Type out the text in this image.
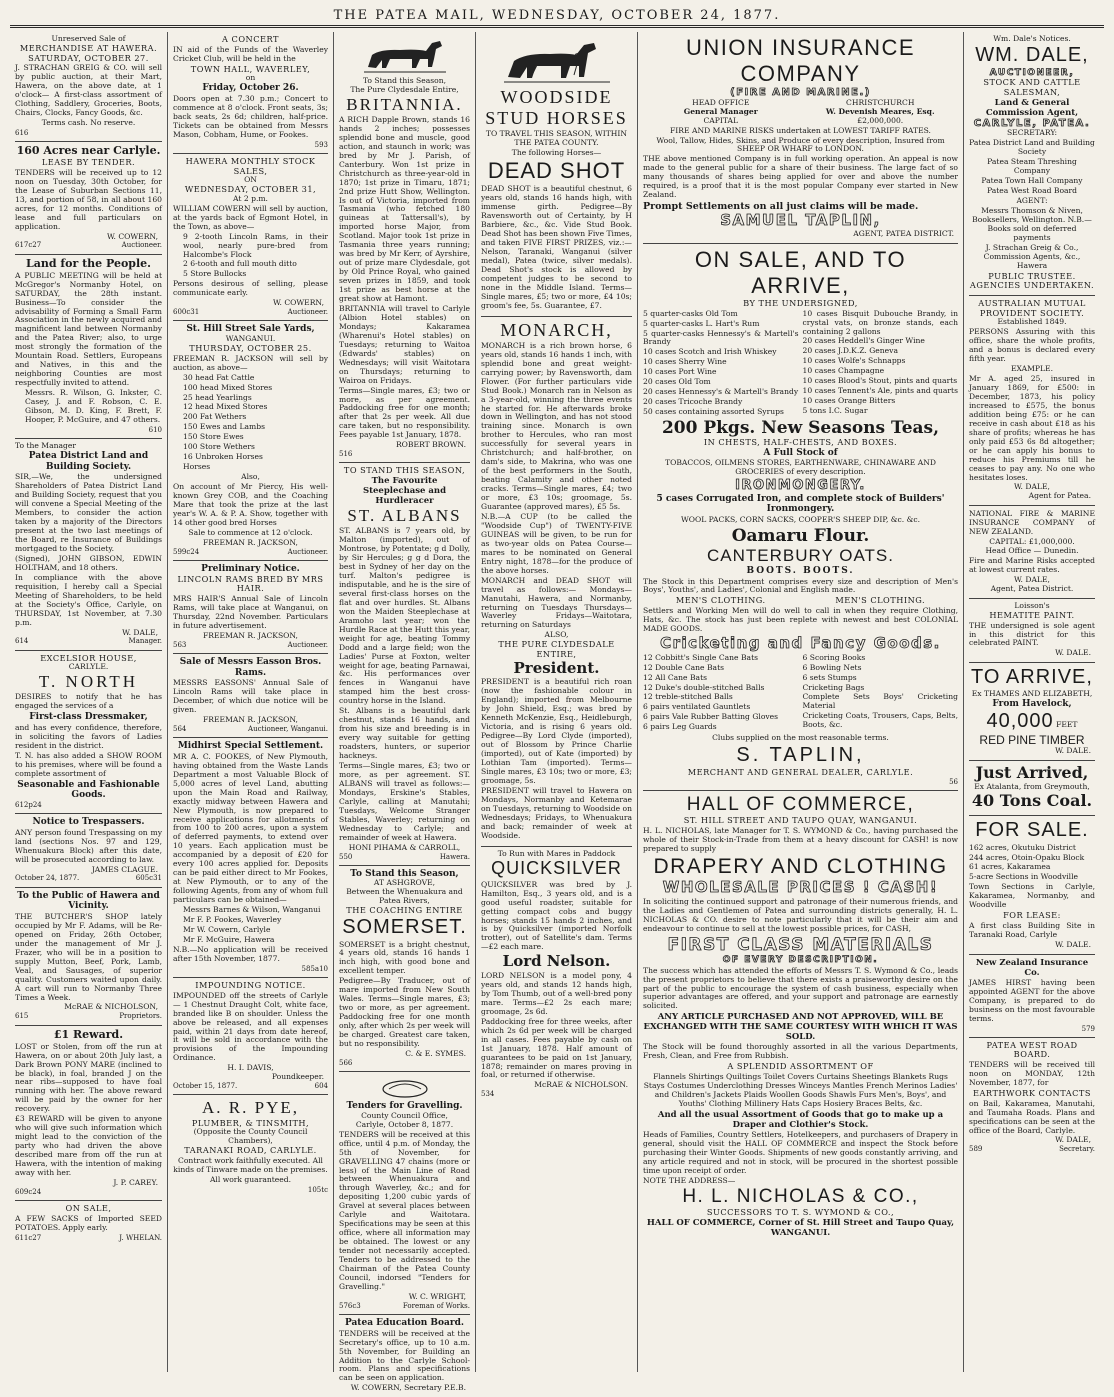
THE PATEA MAIL, WEDNESDAY, OCTOBER 24, 1877.
Unreserved Sale of
MERCHANDISE AT HAWERA.
SATURDAY, OCTOBER 27.

J. STRACHAN GREIG & CO. will sell by public auction, at their Mart, Hawera, on the above date, at 1 o'clock— A first-class assortment of Clothing, Saddlery, Groceries, Boots, Chairs, Clocks, Fancy Goods, &c.

Terms cash. No reserve.

616
160 Acres near Carlyle.
LEASE BY TENDER.

TENDERS will be received up to 12 noon on Tuesday, 30th October, for the Lease of Suburban Sections 11, 13, and portion of 58, in all about 160 acres, for 12 months. Conditions of lease and full particulars on application.

W. COWERN,
617c27	Auctioneer.
Land for the People.

A PUBLIC MEETING will be held at McGregor's Normanby Hotel, on SATURDAY, the 28th instant. Business—To consider the advisability of Forming a Small Farm Association in the newly acquired and magnificent land between Normanby and the Patea River; also, to urge most strongly the formation of the Mountain Road. Settlers, Europeans and Natives, in this and the neighboring Counties are most respectfully invited to attend.

Messrs. R. Wilson, G. Inkster, C. Casey, J. and F. Robson, C. E. Gibson, M. D. King, F. Brett, F. Hooper, P. McGuire, and 47 others.

610
To the Manager
Patea District Land and Building Society.

SIR,—We, the undersigned Shareholders of Patea District Land and Building Society, request that you will convene a Special Meeting of the Members, to consider the action taken by a majority of the Directors present at the two last meetings of the Board, re Insurance of Buildings mortgaged to the Society.

(Signed), JOHN GIBSON, EDWIN HOLTHAM, and 18 others.

In compliance with the above requisition, I hereby call a Special Meeting of Shareholders, to be held at the Society's Office, Carlyle, on THURSDAY, 1st November, at 7.30 p.m.

W. DALE,
614	Manager.
EXCELSIOR HOUSE,
CARLYLE.
T. NORTH

DESIRES to notify that he has engaged the services of a

First-class Dressmaker,

and has every confidence, therefore, in soliciting the favors of Ladies resident in the district.

T. N. has also added a SHOW ROOM to his premises, where will be found a complete assortment of

Seasonable and Fashionable Goods.
612p24
Notice to Trespassers.

ANY person found Trespassing on my land (sections Nos. 97 and 129, Whenuakura Block) after this date, will be prosecuted according to law.

JAMES CLAGUE.
October 24, 1877.	605c31
To the Public of Hawera and Vicinity.

THE BUTCHER'S SHOP lately occupied by Mr F. Adams, will be Re-opened on Friday, 26th October, under the management of Mr J. Frazer, who will be in a position to supply Mutton, Beef, Pork, Lamb, Veal, and Sausages, of superior quality. Customers waited upon daily. A cart will run to Normanby Three Times a Week.

McRAE & NICHOLSON,
615	Proprietors.
£1 Reward.

LOST or Stolen, from off the run at Hawera, on or about 20th July last, a Dark Brown PONY MARE (inclined to be black), in foal, branded J on the near ribs—supposed to have foal running with her. The above reward will be paid by the owner for her recovery.

£3 REWARD will be given to anyone who will give such information which might lead to the conviction of the party who had driven the above described mare from off the run at Hawera, with the intention of making away with her.

J. P. CAREY.
609c24
ON SALE,

A FEW SACKS of Imported SEED POTATOES. Apply early.

611c27	J. WHELAN.
A CONCERT

IN aid of the Funds of the Waverley Cricket Club, will be held in the

TOWN HALL, WAVERLEY,
on
Friday, October 26.

Doors open at 7.30 p.m.; Concert to commence at 8 o'clock. Front seats, 3s; back seats, 2s 6d; children, half-price. Tickets can be obtained from Messrs Mason, Cobham, Hume, or Fookes.

593
HAWERA MONTHLY STOCK SALES,
ON
WEDNESDAY, OCTOBER 31,
At 2 p.m.

WILLIAM COWERN will sell by auction, at the yards back of Egmont Hotel, in the Town, as above—

9 2-tooth Lincoln Rams, in their wool, nearly pure-bred from Halcombe's Flock

2 6-tooth and full mouth ditto

5 Store Bullocks

Persons desirous of selling, please communicate early.

W. COWERN,
600c31	Auctioneer.
St. Hill Street Sale Yards,
WANGANUI.
THURSDAY, OCTOBER 25.

FREEMAN R. JACKSON will sell by auction, as above—

30 head Fat Cattle

100 head Mixed Stores

25 head Yearlings

12 head Mixed Stores

200 Fat Wethers

150 Ewes and Lambs

150 Store Ewes

100 Store Wethers

16 Unbroken Horses

Horses

Also,

On account of Mr Piercy, His well-known Grey COB, and the Coaching Mare that took the prize at the last year's W. A. & P. A. Show, together with 14 other good bred Horses

Sale to commence at 12 o'clock.

FREEMAN R. JACKSON,
599c24	Auctioneer.
Preliminary Notice.
LINCOLN RAMS BRED BY MRS HAIR.

MRS HAIR'S Annual Sale of Lincoln Rams, will take place at Wanganui, on Thursday, 22nd November. Particulars in future advertisement.

FREEMAN R. JACKSON,
563	Auctioneer.
Sale of Messrs Easson Bros. Rams.

MESSRS EASSONS' Annual Sale of Lincoln Rams will take place in December, of which due notice will be given.

FREEMAN R. JACKSON,
564	Auctioneer, Wanganui.
Midhirst Special Settlement.

MR A. C. FOOKES, of New Plymouth, having obtained from the Waste Lands Department a most Valuable Block of 5,000 acres of level Land, abutting upon the Main Road and Railway, exactly midway between Hawera and New Plymouth, is now prepared to receive applications for allotments of from 100 to 200 acres, upon a system of deferred payments, to extend over 10 years. Each application must be accompanied by a deposit of £20 for every 100 acres applied for. Deposits can be paid either direct to Mr Fookes, at New Plymouth, or to any of the following Agents, from any of whom full particulars can be obtained—

Messrs Barnes & Wilson, Wanganui

Mr F. P. Fookes, Waverley

Mr W. Cowern, Carlyle

Mr F. McGuire, Hawera

N.B.—No application will be received after 15th November, 1877.

585a10
IMPOUNDING NOTICE.

IMPOUNDED off the streets of Carlyle— 1 Chestnut Draught Colt, white face, branded like B on shoulder. Unless the above be released, and all expenses paid, within 21 days from date hereof, it will be sold in accordance with the provisions of the Impounding Ordinance.

H. I. DAVIS,
Poundkeeper.
October 15, 1877.	604
A. R. PYE,
PLUMBER, & TINSMITH,
(Opposite the County Council Chambers),
TARANAKI ROAD, CARLYLE.

Contract work faithfully executed. All kinds of Tinware made on the premises.

All work guaranteed.

105tc
To Stand this Season,
The Pure Clydesdale Entire,
BRITANNIA.

A RICH Dapple Brown, stands 16 hands 2 inches; possesses splendid bone and muscle, good action, and staunch in work; was bred by Mr J. Parish, of Canterbury. Won 1st prize in Christchurch as three-year-old in 1870; 1st prize in Timaru, 1871; 2nd prize Hutt Show, Wellington. Is out of Victoria, imported from Tasmania (who fetched 180 guineas at Tattersall's), by imported horse Major, from Scotland. Major took 1st prize in Tasmania three years running; was bred by Mr Kerr, of Ayrshire, out of prize mare Clydesdale, got by Old Prince Royal, who gained seven prizes in 1859, and took 1st prize as best horse at the great show at Hamont.

BRITANNIA will travel to Carlyle (Albion Hotel stables) on Mondays; Kakaramea (Wharenui's Hotel stables) on Tuesdays; returning to Waitoa (Edwards' stables) on Wednesdays; will visit Waitotara on Thursdays; returning to Wairoa on Fridays.

Terms—Single mares, £3; two or more, as per agreement. Paddocking free for one month; after that 2s per week. All due care taken, but no responsibility. Fees payable 1st January, 1878.

ROBERT BROWN.
516
TO STAND THIS SEASON,
The Favourite Steeplechase and Hurdleracer
ST. ALBANS

ST. ALBANS is 7 years old, by Malton (imported), out of Montrose, by Potentate; g d Dolly, by Sir Hercules; g g d Dora, the best in Sydney of her day on the turf. Malton's pedigree is indisputable, and he is the sire of several first-class horses on the flat and over hurdles. St. Albans won the Maiden Steeplechase at Aramoho last year; won the Hurdle Race at the Hutt this year, weight for age, beating Tommy Dodd and a large field; won the Ladies' Purse at Foxton, welter weight for age, beating Parnawai, &c. His performances over fences in Wanganui have stamped him the best cross-country horse in the Island.

St. Albans is a beautiful dark chestnut, stands 16 hands, and from his size and breeding is in every way suitable for getting roadsters, hunters, or superior hackneys.

Terms—Single mares, £3; two or more, as per agreement. ST. ALBANS will travel as follows:— Mondays, Erskine's Stables, Carlyle, calling at Manutahi; Tuesdays, Welcome Stranger Stables, Waverley; returning on Wednesday to Carlyle; and remainder of week at Hawera.

HONI PIHAMA & CARROLL,
550	Hawera.
To Stand this Season,
AT ASHGROVE,
Between the Whenuakura and Patea Rivers,
THE COACHING ENTIRE
SOMERSET.

SOMERSET is a bright chestnut, 4 years old, stands 16 hands 1 inch high, with good bone and excellent temper.

Pedigree—By Traducer, out of mare imported from New South Wales. Terms—Single mares, £3; two or more, as per agreement. Paddocking free for one month only, after which 2s per week will be charged. Greatest care taken, but no responsibility.

C. & E. SYMES.
566
Tenders for Gravelling.
County Council Office,
Carlyle, October 8, 1877.

TENDERS will be received at this office, until 4 p.m. of Monday, the 5th of November, for GRAVELLING 47 chains (more or less) of the Main Line of Road between Whenuakura and through Waverley, &c.; and for depositing 1,200 cubic yards of Gravel at several places between Carlyle and Waitotara. Specifications may be seen at this office, where all information may be obtained. The lowest or any tender not necessarily accepted. Tenders to be addressed to the Chairman of the Patea County Council, indorsed "Tenders for Gravelling."

W. C. WRIGHT,
576c3	Foreman of Works.
Patea Education Board.

TENDERS will be received at the Secretary's office, up to 10 a.m. 5th November, for Building an Addition to the Carlyle School-room. Plans and specifications can be seen on application.

W. COWERN, Secretary P.E.B.
WOODSIDE
STUD HORSES

TO TRAVEL THIS SEASON, WITHIN THE PATEA COUNTY.

The following Horses—
DEAD SHOT

DEAD SHOT is a beautiful chestnut, 6 years old, stands 16 hands high, with immense girth. Pedigree—By Ravensworth out of Certainty, by H Barbiere, &c., &c. Vide Stud Book. Dead Shot has been shown Five Times, and taken FIVE FIRST PRIZES, viz.:—Nelson, Taranaki, Wanganui (silver medal), Patea (twice, silver medals). Dead Shot's stock is allowed by competent judges to be second to none in the Middle Island. Terms—Single mares, £5; two or more, £4 10s; groom's fee, 5s. Guarantee, £7.

MONARCH,

MONARCH is a rich brown horse, 6 years old, stands 16 hands 1 inch, with splendid bone and great weight-carrying power; by Ravensworth, dam Flower. (For further particulars vide Stud Book.) Monarch ran in Nelson as a 3-year-old, winning the three events he started for. He afterwards broke down in Wellington, and has not stood training since. Monarch is own brother to Hercules, who ran most successfully for several years in Christchurch; and half-brother, on dam's side, to Makrina, who was one of the best performers in the South, beating Calamity and other noted cracks. Terms—Single mares, £4; two or more, £3 10s; groomage, 5s. Guarantee (approved mares), £5 5s.

N.B.—A CUP (to be called the "Woodside Cup") of TWENTY-FIVE GUINEAS will be given, to be run for as two-year olds on Patea Course— mares to be nominated on General Entry night, 1878—for the produce of the above horses.

MONARCH and DEAD SHOT will travel as follows:— Mondays—Manutahi, Hawera, and Normanby, returning on Tuesdays Thursdays—Waverley Fridays—Waitotara, returning on Saturdays

ALSO,
THE PURE CLYDESDALE ENTIRE,
President.

PRESIDENT is a beautiful rich roan (now the fashionable colour in England); imported from Melbourne by John Shield, Esq.; was bred by Kenneth McKenzie, Esq., Heidleburgh, Victoria, and is rising 6 years old. Pedigree—By Lord Clyde (imported), out of Blossom by Prince Charlie (imported), out of Kate (imported) by Lothian Tam (imported). Terms—Single mares, £3 10s; two or more, £3; groomage, 5s.

PRESIDENT will travel to Hawera on Mondays, Normanby and Ketemarae on Tuesdays, returning to Woodside on Wednesdays; Fridays, to Whenuakura and back; remainder of week at Woodside.

To Run with Mares in Paddock
QUICKSILVER

QUICKSILVER was bred by J. Hamilton, Esq., 3 years old, and is a good useful roadster, suitable for getting compact cobs and buggy horses; stands 15 hands 2 inches, and is by Quicksilver (imported Norfolk trotter), out of Satellite's dam. Terms—£2 each mare.

Lord Nelson.

LORD NELSON is a model pony, 4 years old, and stands 12 hands high, by Tom Thumb, out of a well-bred pony mare. Terms—£2 2s each mare; groomage, 2s 6d.

Paddocking free for three weeks, after which 2s 6d per week will be charged in all cases. Fees payable by cash on 1st January, 1878. Half amount of guarantees to be paid on 1st January, 1878; remainder on mares proving in foal, or returned if otherwise.

McRAE & NICHOLSON.
534
UNION INSURANCE COMPANY
(FIRE AND MARINE.)
HEAD OFFICE	CHRISTCHURCH
General Manager	W. Devenish Meares, Esq.
CAPITAL	£2,000,000.

FIRE AND MARINE RISKS undertaken at LOWEST TARIFF RATES.

Wool, Tallow, Hides, Skins, and Produce of every description, Insured from SHEEP OR WHARF to LONDON.

THE above mentioned Company is in full working operation. An appeal is now made to the general public for a share of their business. The large fact of so many thousands of shares being applied for over and above the number required, is a proof that it is the most popular Company ever started in New Zealand.

Prompt Settlements on all just claims will be made.
SAMUEL TAPLIN,
AGENT, PATEA DISTRICT.
ON SALE, AND TO ARRIVE,
BY THE UNDERSIGNED,

5 quarter-casks Old Tom

5 quarter-casks L. Hart's Rum

5 quarter-casks Hennessy's & Martell's Brandy

10 cases Scotch and Irish Whiskey

10 cases Sherry Wine

10 cases Port Wine

20 cases Old Tom

20 cases Hennessy's & Martell's Brandy

20 cases Tricoche Brandy

50 cases containing assorted Syrups

10 cases Bisquit Dubouche Brandy, in crystal vats, on bronze stands, each containing 2 gallons

20 cases Heddell's Ginger Wine

20 cases J.D.K.Z. Geneva

10 cases Wolfe's Schnapps

10 cases Champagne

10 cases Blood's Stout, pints and quarts

10 cases Tennent's Ale, pints and quarts

10 cases Orange Bitters

5 tons I.C. Sugar

200 Pkgs. New Seasons Teas,
IN CHESTS, HALF-CHESTS, AND BOXES.
A Full Stock of

TOBACCOS, OILMENS STORES, EARTHENWARE, CHINAWARE AND GROCERIES of every description.

IRONMONGERY.
5 cases Corrugated Iron, and complete stock of Builders' Ironmongery.

WOOL PACKS, CORN SACKS, COOPER'S SHEEP DIP, &c. &c.

Oamaru Flour.
CANTERBURY OATS.
BOOTS. BOOTS.

The Stock in this Department comprises every size and description of Men's Boys', Youths', and Ladies', Colonial and English made.

MEN'S CLOTHING.	MEN'S CLOTHING.

Settlers and Working Men will do well to call in when they require Clothing, Hats, &c. The stock has just been replete with newest and best COLONIAL MADE GOODS.

Cricketing and Fancy Goods.

12 Cobbitt's Single Cane Bats

12 Double Cane Bats

12 All Cane Bats

12 Duke's double-stitched Balls

12 treble-stitched Balls

6 pairs ventilated Gauntlets

6 pairs Vale Rubber Batting Gloves

6 pairs Leg Guards

6 Scoring Books

6 Bowling Nets

6 sets Stumps

Cricketing Bags

Complete Sets Boys' Cricketing Material

Cricketing Coats, Trousers, Caps, Belts, Boots, &c.

Clubs supplied on the most reasonable terms.

S. TAPLIN,
MERCHANT AND GENERAL DEALER, CARLYLE.
56
HALL OF COMMERCE,
ST. HILL STREET AND TAUPO QUAY, WANGANUI.

H. L. NICHOLAS, late Manager for T. S. WYMOND & Co., having purchased the whole of their Stock-in-Trade from them at a heavy discount for CASH! is now prepared to supply

DRAPERY AND CLOTHING
WHOLESALE PRICES ! CASH!

In soliciting the continued support and patronage of their numerous friends, and the Ladies and Gentlemen of Patea and surrounding districts generally, H. L. NICHOLAS & CO. desire to note particularly that it will be their aim and endeavour to continue to sell at the lowest possible prices, for CASH,

FIRST CLASS MATERIALS
OF EVERY DESCRIPTION.

The success which has attended the efforts of Messrs T. S. Wymond & Co., leads the present proprietors to believe that there exists a praiseworthy desire on the part of the public to encourage the system of cash business, especially when superior advantages are offered, and your support and patronage are earnestly solicited.

ANY ARTICLE PURCHASED AND NOT APPROVED, WILL BE EXCHANGED WITH THE SAME COURTESY WITH WHICH IT WAS SOLD.

The Stock will be found thoroughly assorted in all the various Departments, Fresh, Clean, and Free from Rubbish.

A SPLENDID ASSORTMENT OF

Flannels Shirtings Quiltings Toilet Covers Curtains Sheetings Blankets Rugs Stays Costumes Underclothing Dresses Winceys Mantles French Merinos Ladies' and Children's Jackets Plaids Woollen Goods Shawls Furs Men's, Boys', and Youths' Clothing Millinery Hats Caps Hosiery Braces Belts, &c.

And all the usual Assortment of Goods that go to make up a Draper and Clothier's Stock.

Heads of Families, Country Settlers, Hotelkeepers, and purchasers of Drapery in general, should visit the HALL OF COMMERCE and inspect the Stock before purchasing their Winter Goods. Shipments of new goods constantly arriving, and any article required and not in stock, will be procured in the shortest possible time upon receipt of order.

NOTE THE ADDRESS—
H. L. NICHOLAS & CO.,
SUCCESSORS TO T. S. WYMOND & CO.,
HALL OF COMMERCE, Corner of St. Hill Street and Taupo Quay, WANGANUI.
Wm. Dale's Notices.
WM. DALE,
AUCTIONEER,
STOCK AND CATTLE SALESMAN,
Land & General Commission Agent,
CARLYLE, PATEA.
SECRETARY:

Patea District Land and Building Society

Patea Steam Threshing Company

Patea Town Hall Company

Patea West Road Board

AGENT:

Messrs Thomson & Niven, Booksellers, Wellington. N.B.—Books sold on deferred payments

J. Strachan Greig & Co., Commission Agents, &c., Hawera

PUBLIC TRUSTEE.
AGENCIES UNDERTAKEN.
AUSTRALIAN MUTUAL PROVIDENT SOCIETY.
Established 1849.

PERSONS Assuring with this office, share the whole profits, and a bonus is declared every fifth year.

EXAMPLE.

Mr A. aged 25, insured in January 1869, for £500: in December, 1873, his policy increased to £575, the bonus addition being £75: or he can receive in cash about £18 as his share of profits; whereas he has only paid £53 6s 8d altogether; or he can apply his bonus to reduce his Premiums till he ceases to pay any. No one who hesitates loses.

W. DALE,
Agent for Patea.

NATIONAL FIRE & MARINE INSURANCE COMPANY of NEW ZEALAND.

CAPITAL: £1,000,000.
Head Office — Dunedin.

Fire and Marine Risks accepted at lowest current rates.

W. DALE,
Agent, Patea District.
Loisson's
HEMATITE PAINT.

THE undersigned is sole agent in this district for this celebrated PAINT.

W. DALE.
TO ARRIVE,
Ex THAMES AND ELIZABETH,
From Havelock,
40,000 FEET
RED PINE TIMBER
W. DALE.
Just Arrived,
Ex Atalanta, from Greymouth,
40 Tons Coal.
FOR SALE.

162 acres, Okutuku District

244 acres, Otoin-Opaku Block

61 acres, Kakaramea

5-acre Sections in Woodville

Town Sections in Carlyle, Kakaramea, Normanby, and Woodville

FOR LEASE:

A first class Building Site in Taranaki Road, Carlyle

W. DALE.
New Zealand Insurance Co.

JAMES HIRST having been appointed AGENT for the above Company, is prepared to do business on the most favourable terms.

579
PATEA WEST ROAD BOARD.

TENDERS will be received till noon on MONDAY, 12th November, 1877, for

EARTHWORK CONTACTS

on Bail, Kakaramea, Manutahi, and Taumaha Roads. Plans and specifications can be seen at the office of the Board, Carlyle.

W. DALE,
589	Secretary.
